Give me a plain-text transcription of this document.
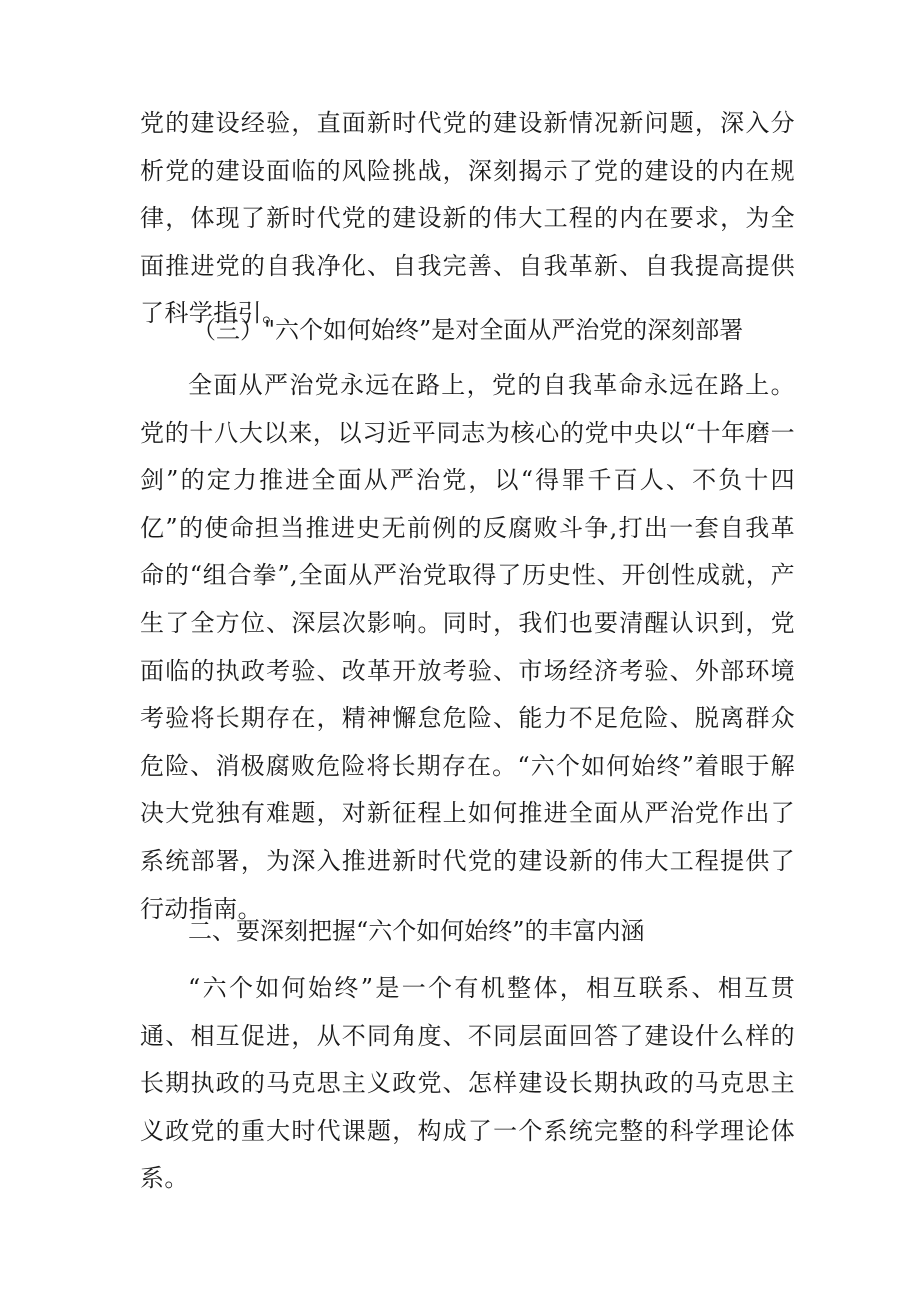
党的建设经验，直面新时代党的建设新情况新问题，深入分析党的建设面临的风险挑战，深刻揭示了党的建设的内在规律，体现了新时代党的建设新的伟大工程的内在要求，为全面推进党的自我净化、自我完善、自我革新、自我提高提供了科学指引。
（三）"六个如何始终”是对全面从严治党的深刻部署
全面从严治党永远在路上，党的自我革命永远在路上。党的十八大以来，以习近平同志为核心的党中央以“十年磨一剑”的定力推进全面从严治党，以“得罪千百人、不负十四亿”的使命担当推进史无前例的反腐败斗争,打出一套自我革命的“组合拳”,全面从严治党取得了历史性、开创性成就，产生了全方位、深层次影响。同时，我们也要清醒认识到，党面临的执政考验、改革开放考验、市场经济考验、外部环境考验将长期存在，精神懈怠危险、能力不足危险、脱离群众危险、消极腐败危险将长期存在。“六个如何始终”着眼于解决大党独有难题，对新征程上如何推进全面从严治党作出了系统部署，为深入推进新时代党的建设新的伟大工程提供了行动指南。
二、要深刻把握“六个如何始终”的丰富内涵
“六个如何始终”是一个有机整体，相互联系、相互贯通、相互促进，从不同角度、不同层面回答了建设什么样的长期执政的马克思主义政党、怎样建设长期执政的马克思主义政党的重大时代课题，构成了一个系统完整的科学理论体系。
